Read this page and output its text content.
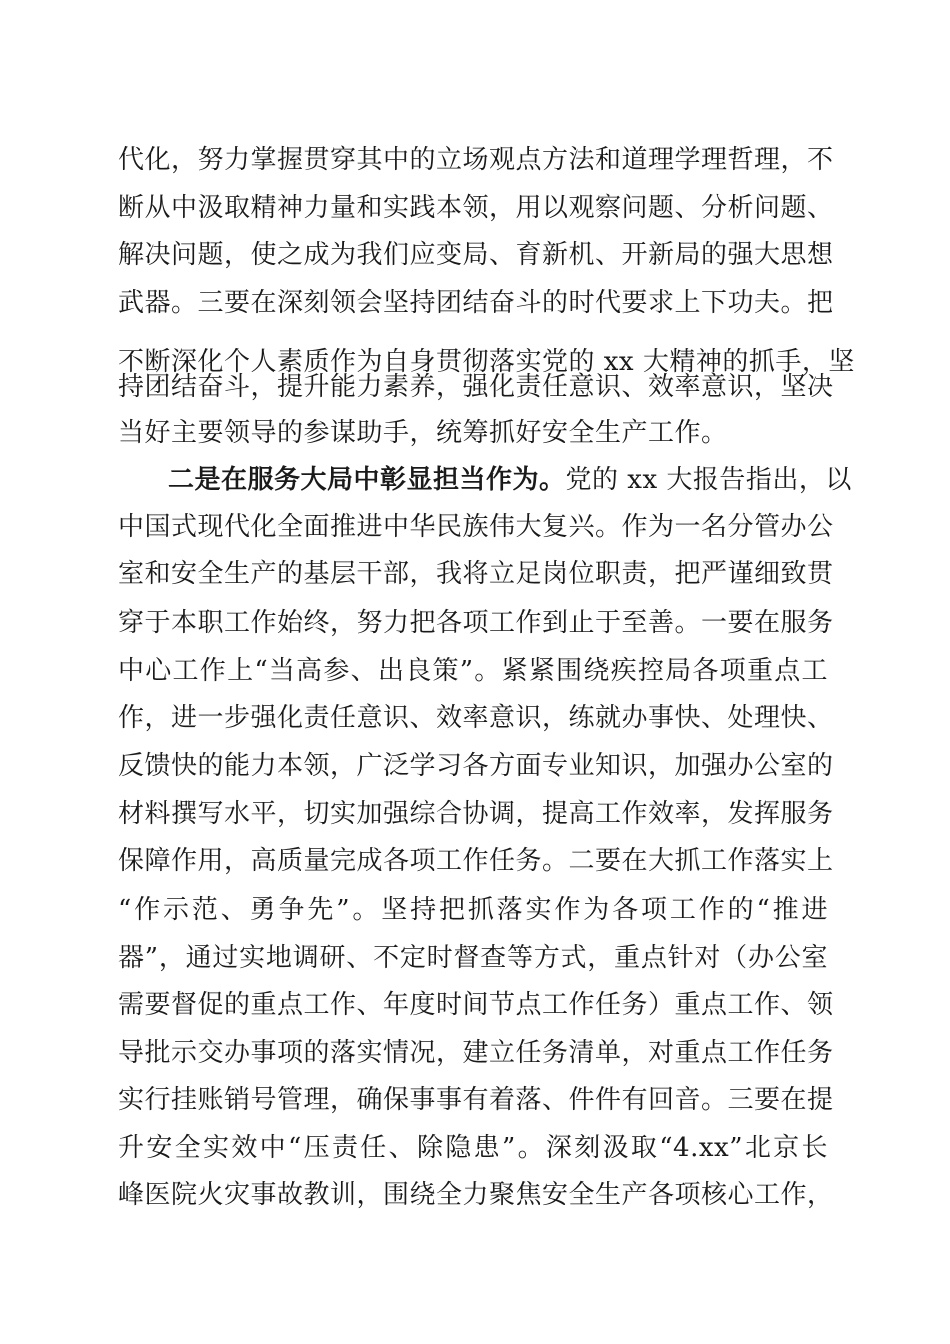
代化，努力掌握贯穿其中的立场观点方法和道理学理哲理，不
断从中汲取精神力量和实践本领，用以观察问题、分析问题、
解决问题，使之成为我们应变局、育新机、开新局的强大思想
武器。三要在深刻领会坚持团结奋斗的时代要求上下功夫。把
不断深化个人素质作为自身贯彻落实党的 xx 大精神的抓手，坚
持团结奋斗，提升能力素养，强化责任意识、效率意识，坚决
当好主要领导的参谋助手，统筹抓好安全生产工作。
二是在服务大局中彰显担当作为。党的 xx 大报告指出，以
中国式现代化全面推进中华民族伟大复兴。作为一名分管办公
室和安全生产的基层干部，我将立足岗位职责，把严谨细致贯
穿于本职工作始终，努力把各项工作到止于至善。一要在服务
中心工作上“当高参、出良策”。紧紧围绕疾控局各项重点工
作，进一步强化责任意识、效率意识，练就办事快、处理快、
反馈快的能力本领，广泛学习各方面专业知识，加强办公室的
材料撰写水平，切实加强综合协调，提高工作效率，发挥服务
保障作用，高质量完成各项工作任务。二要在大抓工作落实上
“作示范、勇争先”。坚持把抓落实作为各项工作的“推进
器”，通过实地调研、不定时督查等方式，重点针对（办公室
需要督促的重点工作、年度时间节点工作任务）重点工作、领
导批示交办事项的落实情况，建立任务清单，对重点工作任务
实行挂账销号管理，确保事事有着落、件件有回音。三要在提
升安全实效中“压责任、除隐患”。深刻汲取“4.xx”北京长
峰医院火灾事故教训，围绕全力聚焦安全生产各项核心工作，
